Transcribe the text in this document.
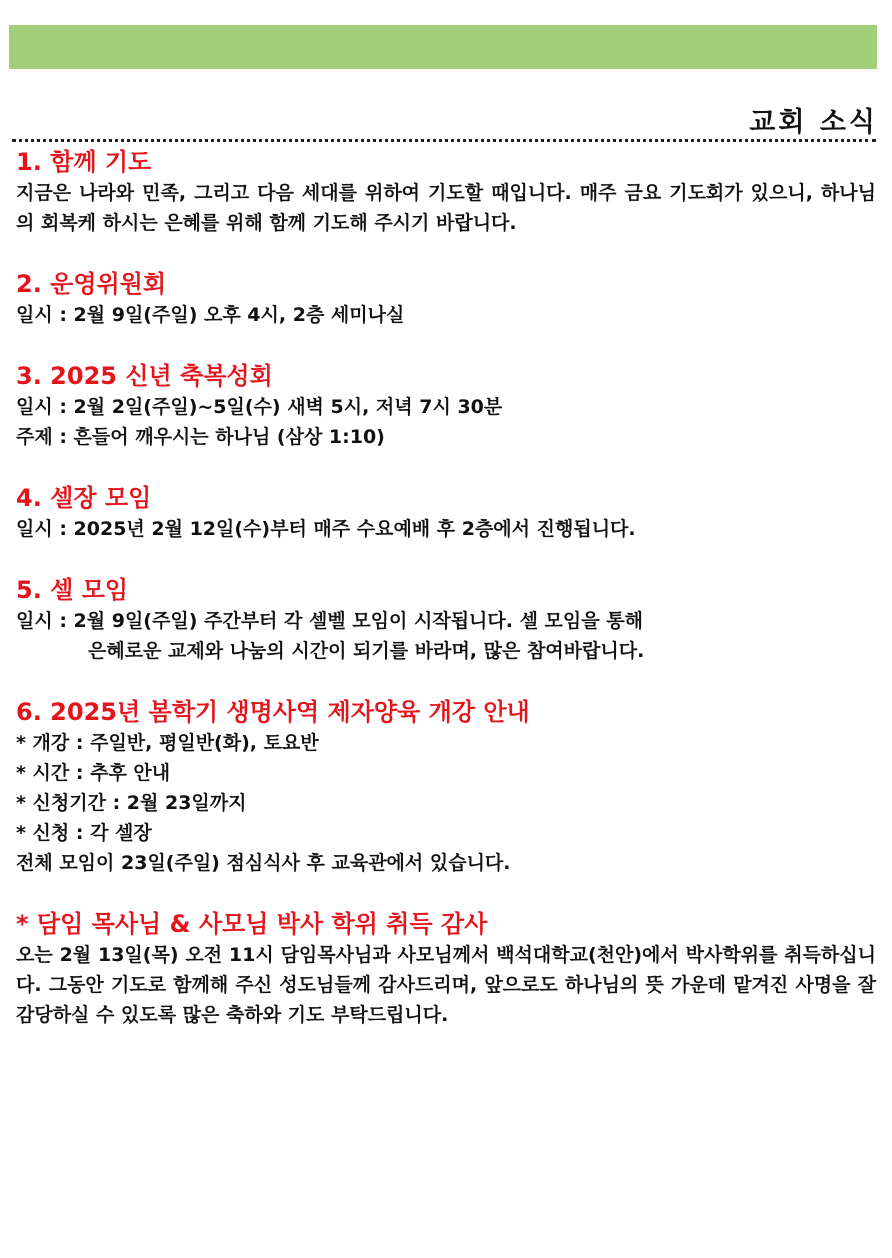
교회 소식
1. 함께 기도

지금은 나라와 민족, 그리고 다음 세대를 위하여 기도할 때입니다. 매주 금요 기도회가 있으니, 하나님의 회복케 하시는 은혜를 위해 함께 기도해 주시기 바랍니다.

2. 운영위원회
일시 : 2월 9일(주일) 오후 4시, 2층 세미나실
3. 2025 신년 축복성회
일시 : 2월 2일(주일)~5일(수) 새벽 5시, 저녁 7시 30분
주제 : 흔들어 깨우시는 하나님 (삼상 1:10)
4. 셀장 모임
일시 : 2025년 2월 12일(수)부터 매주 수요예배 후 2층에서 진행됩니다.
5. 셀 모임
일시 : 2월 9일(주일) 주간부터 각 셀벨 모임이 시작됩니다. 셀 모임을 통해
은혜로운 교제와 나눔의 시간이 되기를 바라며, 많은 참여바랍니다.
6. 2025년 봄학기 생명사역 제자양육 개강 안내
* 개강 : 주일반, 평일반(화), 토요반
* 시간 : 추후 안내
* 신청기간 : 2월 23일까지
* 신청 : 각 셀장
전체 모임이 23일(주일) 점심식사 후 교육관에서 있습니다.
* 담임 목사님 & 사모님 박사 학위 취득 감사

오는 2월 13일(목) 오전 11시 담임목사님과 사모님께서 백석대학교(천안)에서 박사학위를 취득하십니다. 그동안 기도로 함께해 주신 성도님들께 감사드리며, 앞으로도 하나님의 뜻 가운데 맡겨진 사명을 잘 감당하실 수 있도록 많은 축하와 기도 부탁드립니다.
